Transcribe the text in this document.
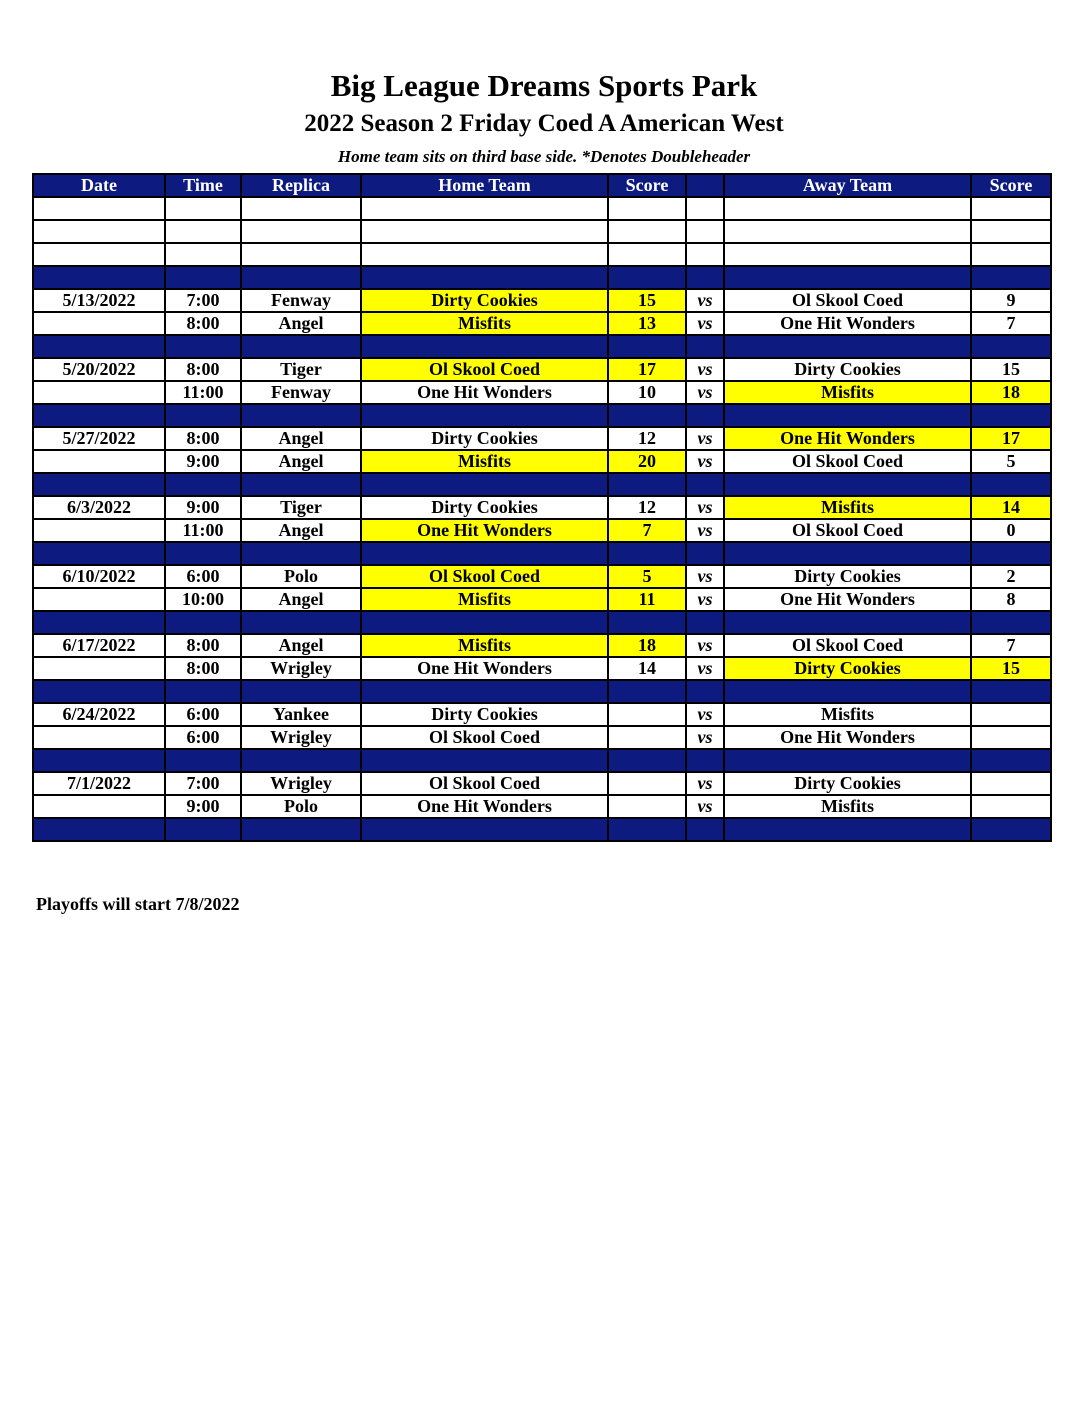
Big League Dreams Sports Park
2022 Season 2 Friday Coed A American West
Home team sits on third base side. *Denotes Doubleheader
Date	Time	Replica	Home Team	Score		Away Team	Score

5/13/2022	7:00	Fenway	Dirty Cookies	15	vs	Ol Skool Coed	9
	8:00	Angel	Misfits	13	vs	One Hit Wonders	7

5/20/2022	8:00	Tiger	Ol Skool Coed	17	vs	Dirty Cookies	15
	11:00	Fenway	One Hit Wonders	10	vs	Misfits	18

5/27/2022	8:00	Angel	Dirty Cookies	12	vs	One Hit Wonders	17
	9:00	Angel	Misfits	20	vs	Ol Skool Coed	5

6/3/2022	9:00	Tiger	Dirty Cookies	12	vs	Misfits	14
	11:00	Angel	One Hit Wonders	7	vs	Ol Skool Coed	0

6/10/2022	6:00	Polo	Ol Skool Coed	5	vs	Dirty Cookies	2
	10:00	Angel	Misfits	11	vs	One Hit Wonders	8

6/17/2022	8:00	Angel	Misfits	18	vs	Ol Skool Coed	7
	8:00	Wrigley	One Hit Wonders	14	vs	Dirty Cookies	15

6/24/2022	6:00	Yankee	Dirty Cookies		vs	Misfits	
	6:00	Wrigley	Ol Skool Coed		vs	One Hit Wonders	

7/1/2022	7:00	Wrigley	Ol Skool Coed		vs	Dirty Cookies	
	9:00	Polo	One Hit Wonders		vs	Misfits	

Playoffs will start 7/8/2022
